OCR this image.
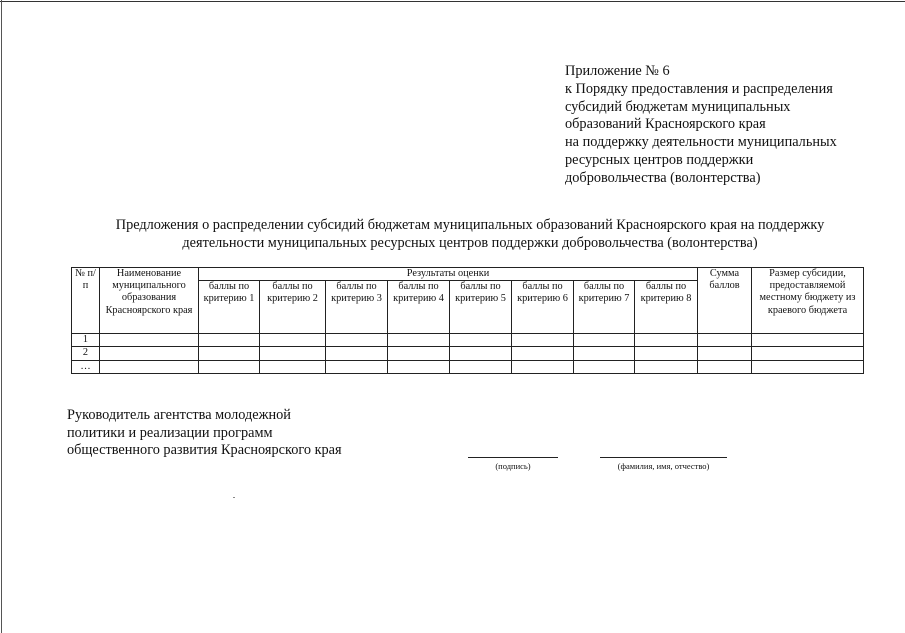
Приложение № 6
к Порядку предоставления и распределения
субсидий бюджетам муниципальных
образований Красноярского края
на поддержку деятельности муниципальных
ресурсных центров поддержки
добровольчества (волонтерства)
Предложения о распределении субсидий бюджетам муниципальных образований Красноярского края на поддержку
деятельности муниципальных ресурсных центров поддержки добровольчества (волонтерства)
№ п/п	Наименование муниципального образования Красноярского края	Результаты оценки								Сумма баллов	Размер субсидии, предоставляемой местному бюджету из краевого бюджета
		баллы по критерию 1	баллы по критерию 2	баллы по критерию 3	баллы по критерию 4	баллы по критерию 5	баллы по критерию 6	баллы по критерию 7	баллы по критерию 8		
1											
2											
…											
Руководитель агентства молодежной
политики и реализации программ
общественного развития Красноярского края
(подпись)	(фамилия, имя, отчество)
